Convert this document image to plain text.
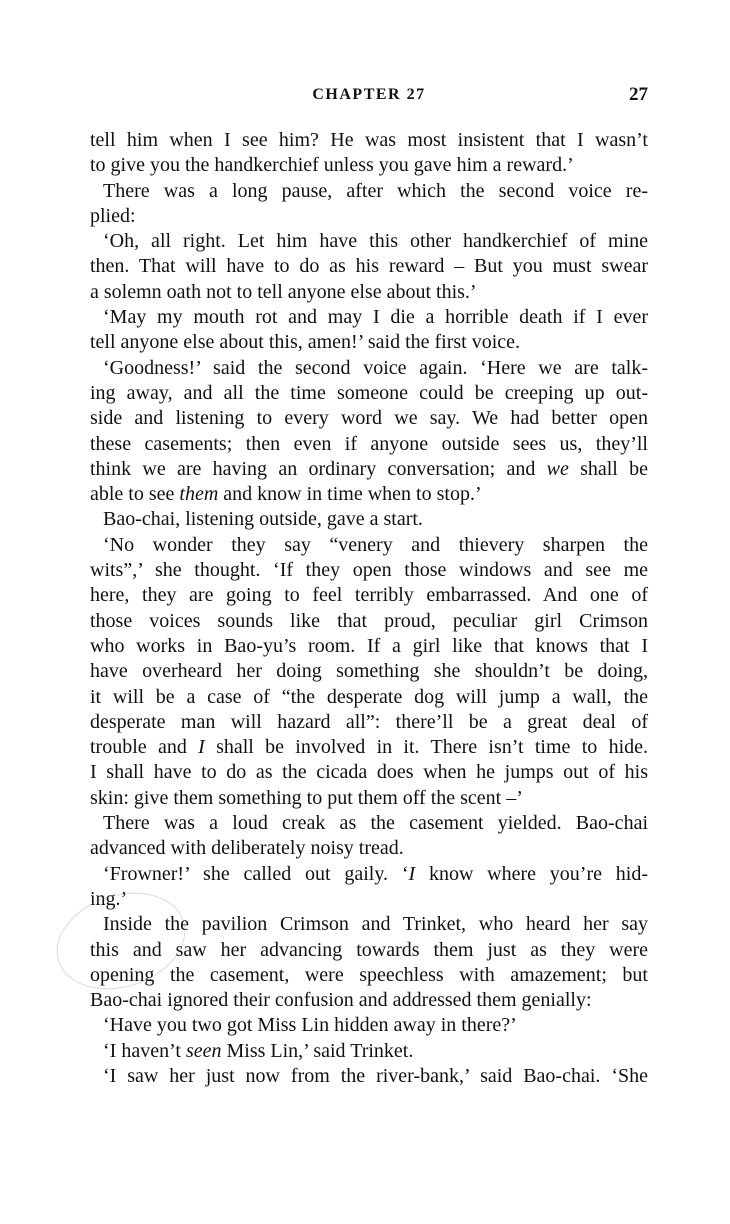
CHAPTER 27	27
tell him when I see him? He was most insistent that I wasn’t
to give you the handkerchief unless you gave him a reward.’
There was a long pause, after which the second voice re-
plied:
‘Oh, all right. Let him have this other handkerchief of mine
then. That will have to do as his reward – But you must swear
a solemn oath not to tell anyone else about this.’
‘May my mouth rot and may I die a horrible death if I ever
tell anyone else about this, amen!’ said the first voice.
‘Goodness!’ said the second voice again. ‘Here we are talk-
ing away, and all the time someone could be creeping up out-
side and listening to every word we say. We had better open
these casements; then even if anyone outside sees us, they’ll
think we are having an ordinary conversation; and we shall be
able to see them and know in time when to stop.’
Bao-chai, listening outside, gave a start.
‘No wonder they say “venery and thievery sharpen the
wits”,’ she thought. ‘If they open those windows and see me
here, they are going to feel terribly embarrassed. And one of
those voices sounds like that proud, peculiar girl Crimson
who works in Bao-yu’s room. If a girl like that knows that I
have overheard her doing something she shouldn’t be doing,
it will be a case of “the desperate dog will jump a wall, the
desperate man will hazard all”: there’ll be a great deal of
trouble and I shall be involved in it. There isn’t time to hide.
I shall have to do as the cicada does when he jumps out of his
skin: give them something to put them off the scent –’
There was a loud creak as the casement yielded. Bao-chai
advanced with deliberately noisy tread.
‘Frowner!’ she called out gaily. ‘I know where you’re hid-
ing.’
Inside the pavilion Crimson and Trinket, who heard her say
this and saw her advancing towards them just as they were
opening the casement, were speechless with amazement; but
Bao-chai ignored their confusion and addressed them genially:
‘Have you two got Miss Lin hidden away in there?’
‘I haven’t seen Miss Lin,’ said Trinket.
‘I saw her just now from the river-bank,’ said Bao-chai. ‘She
